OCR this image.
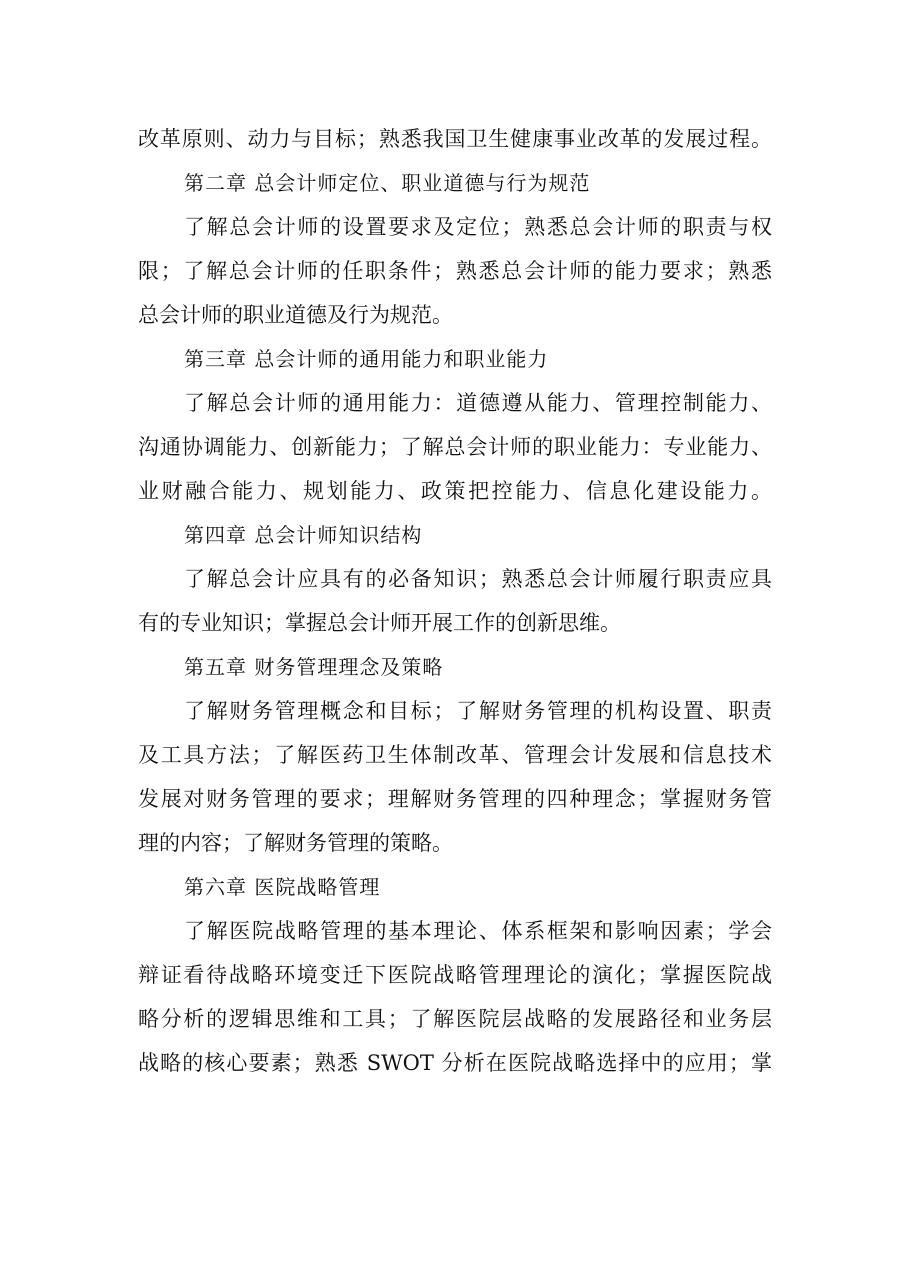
改革原则、动力与目标；熟悉我国卫生健康事业改革的发展过程。
第二章 总会计师定位、职业道德与行为规范
了解总会计师的设置要求及定位；熟悉总会计师的职责与权
限；了解总会计师的任职条件；熟悉总会计师的能力要求；熟悉
总会计师的职业道德及行为规范。
第三章 总会计师的通用能力和职业能力
了解总会计师的通用能力：道德遵从能力、管理控制能力、
沟通协调能力、创新能力；了解总会计师的职业能力：专业能力、
业财融合能力、规划能力、政策把控能力、信息化建设能力。
第四章 总会计师知识结构
了解总会计应具有的必备知识；熟悉总会计师履行职责应具
有的专业知识；掌握总会计师开展工作的创新思维。
第五章 财务管理理念及策略
了解财务管理概念和目标；了解财务管理的机构设置、职责
及工具方法；了解医药卫生体制改革、管理会计发展和信息技术
发展对财务管理的要求；理解财务管理的四种理念；掌握财务管
理的内容；了解财务管理的策略。
第六章 医院战略管理
了解医院战略管理的基本理论、体系框架和影响因素；学会
辩证看待战略环境变迁下医院战略管理理论的演化；掌握医院战
略分析的逻辑思维和工具；了解医院层战略的发展路径和业务层
战略的核心要素；熟悉 SWOT 分析在医院战略选择中的应用；掌
